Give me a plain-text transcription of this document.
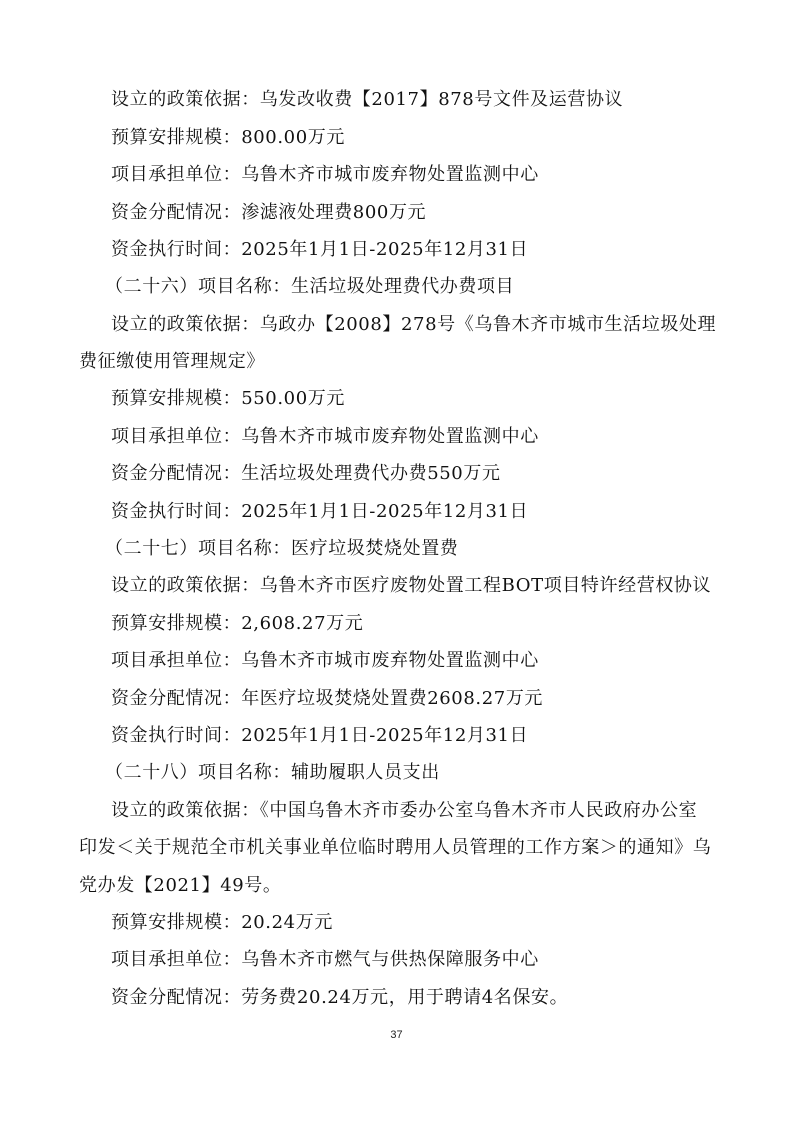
设立的政策依据：乌发改收费【2017】878号文件及运营协议
预算安排规模：800.00万元
项目承担单位：乌鲁木齐市城市废弃物处置监测中心
资金分配情况：渗滤液处理费800万元
资金执行时间：2025年1月1日-2025年12月31日
（二十六）项目名称：生活垃圾处理费代办费项目
设立的政策依据：乌政办【2008】278号《乌鲁木齐市城市生活垃圾处理
费征缴使用管理规定》
预算安排规模：550.00万元
项目承担单位：乌鲁木齐市城市废弃物处置监测中心
资金分配情况：生活垃圾处理费代办费550万元
资金执行时间：2025年1月1日-2025年12月31日
（二十七）项目名称：医疗垃圾焚烧处置费
设立的政策依据：乌鲁木齐市医疗废物处置工程BOT项目特许经营权协议
预算安排规模：2,608.27万元
项目承担单位：乌鲁木齐市城市废弃物处置监测中心
资金分配情况：年医疗垃圾焚烧处置费2608.27万元
资金执行时间：2025年1月1日-2025年12月31日
（二十八）项目名称：辅助履职人员支出
设立的政策依据：《中国乌鲁木齐市委办公室乌鲁木齐市人民政府办公室
印发＜关于规范全市机关事业单位临时聘用人员管理的工作方案＞的通知》乌
党办发【2021】49号。
预算安排规模：20.24万元
项目承担单位：乌鲁木齐市燃气与供热保障服务中心
资金分配情况：劳务费20.24万元，用于聘请4名保安。
37
